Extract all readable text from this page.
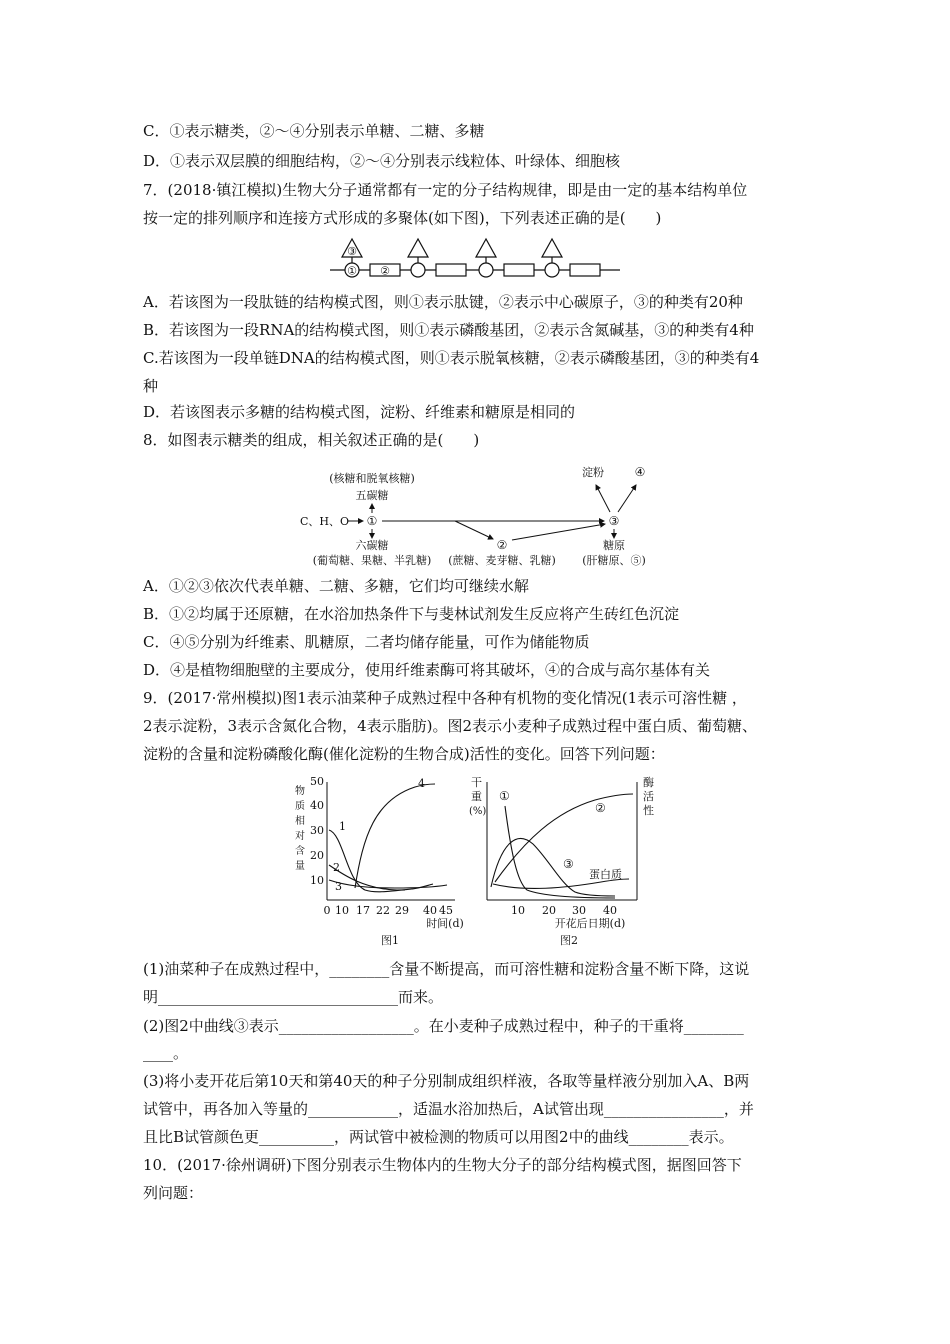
C．①表示糖类，②～④分别表示单糖、二糖、多糖
D．①表示双层膜的细胞结构，②～④分别表示线粒体、叶绿体、细胞核
7．(2018·镇江模拟)生物大分子通常都有一定的分子结构规律，即是由一定的基本结构单位
按一定的排列顺序和连接方式形成的多聚体(如下图)，下列表述正确的是(　　)
③
① ②
A．若该图为一段肽链的结构模式图，则①表示肽键，②表示中心碳原子，③的种类有20种
B．若该图为一段RNA的结构模式图，则①表示磷酸基团，②表示含氮碱基，③的种类有4种
C.若该图为一段单链DNA的结构模式图，则①表示脱氧核糖，②表示磷酸基团，③的种类有4
种
D．若该图表示多糖的结构模式图，淀粉、纤维素和糖原是相同的
8．如图表示糖类的组成，相关叙述正确的是(　　)
(核糖和脱氧核糖)
五碳糖
C、H、O ①
六碳糖
(葡萄糖、果糖、半乳糖)
②
(蔗糖、麦芽糖、乳糖)
③
淀粉	④
糖原
(肝糖原、⑤)
A．①②③依次代表单糖、二糖、多糖，它们均可继续水解
B．①②均属于还原糖，在水浴加热条件下与斐林试剂发生反应将产生砖红色沉淀
C．④⑤分别为纤维素、肌糖原，二者均储存能量，可作为储能物质
D．④是植物细胞壁的主要成分，使用纤维素酶可将其破坏，④的合成与高尔基体有关
9．(2017·常州模拟)图1表示油菜种子成熟过程中各种有机物的变化情况(1表示可溶性糖 ，
2表示淀粉，3表示含氮化合物，4表示脂肪)。图2表示小麦种子成熟过程中蛋白质、葡萄糖、
淀粉的含量和淀粉磷酸化酶(催化淀粉的生物合成)活性的变化。回答下列问题：
物
质
相
对
含
量
50
40
30
20
10
0 10 17 22 29 40 45
时间(d)
图1
1
2
3
4	干
重
(%)
酶
活
性
10 20 30 40
开花后日期(d)
图2
①
②
③
蛋白质
(1)油菜种子在成熟过程中，________含量不断提高，而可溶性糖和淀粉含量不断下降，这说
明________________________________而来。
(2)图2中曲线③表示__________________。在小麦种子成熟过程中，种子的干重将________
____。
(3)将小麦开花后第10天和第40天的种子分别制成组织样液，各取等量样液分别加入A、B两
试管中，再各加入等量的____________，适温水浴加热后，A试管出现________________，并
且比B试管颜色更__________，两试管中被检测的物质可以用图2中的曲线________表示。
10．(2017·徐州调研)下图分别表示生物体内的生物大分子的部分结构模式图，据图回答下
列问题：
